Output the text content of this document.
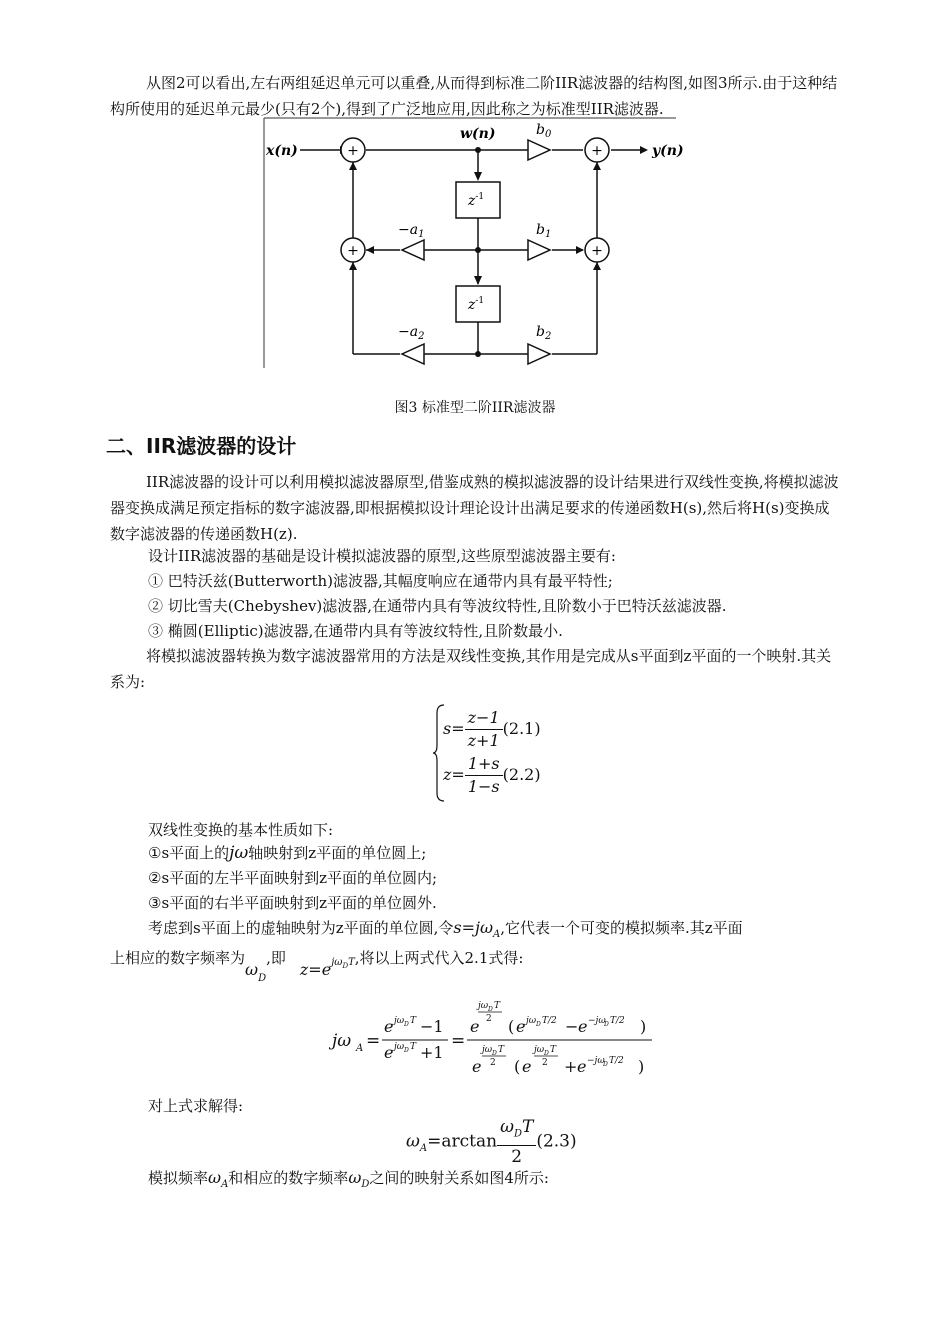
从图2可以看出,左右两组延迟单元可以重叠,从而得到标准二阶IIR滤波器的结构图,如图3所示.由于这种结构所使用的延迟单元最少(只有2个),得到了广泛地应用,因此称之为标准型IIR滤波器.
x(n)	y(n)
w(n)
+	+
+	+
$b_0$
$b_1$
$b_2$
$-a_1$
$-a_2$
$z^{-1}$
$z^{-1}$
图3 标准型二阶IIR滤波器
二、IIR滤波器的设计
IIR滤波器的设计可以利用模拟滤波器原型,借鉴成熟的模拟滤波器的设计结果进行双线性变换,将模拟滤波器变换成满足预定指标的数字滤波器,即根据模拟设计理论设计出满足要求的传递函数H(s),然后将H(s)变换成数字滤波器的传递函数H(z).
设计IIR滤波器的基础是设计模拟滤波器的原型,这些原型滤波器主要有:
① 巴特沃兹(Butterworth)滤波器,其幅度响应在通带内具有最平特性;
② 切比雪夫(Chebyshev)滤波器,在通带内具有等波纹特性,且阶数小于巴特沃兹滤波器.
③ 椭圆(Elliptic)滤波器,在通带内具有等波纹特性,且阶数最小.
将模拟滤波器转换为数字滤波器常用的方法是双线性变换,其作用是完成从s平面到z平面的一个映射.其关系为:
$s= \frac{z-1}{z+1} (2.1)$
$z= \frac{1+s}{1-s} (2.2)$
双线性变换的基本性质如下:
①s平面上的jω轴映射到z平面的单位圆上;
②s平面的左半平面映射到z平面的单位圆内;
③s平面的右半平面映射到z平面的单位圆外.
考虑到s平面上的虚轴映射为z平面的单位圆,令$s=j\omega_A$,它代表一个可变的模拟频率.其z平面
上相应的数字频率为$\omega_D$,即$z=e^{j\omega_DT}$,将以上两式代入2.1式得:
jω A =
e jω D T −1
e jω D T +1
=
e
jω D T
2 ( e jω D T/2 − e −jω
D T/2 )
e
jω D T
2 ( e
jω D T
2 + e −jω
D T/2 )
对上式求解得:
$\omega_A=\arctan \frac{\omega_DT}{2} (2.3)$
模拟频率$\omega_A$和相应的数字频率$\omega_D$之间的映射关系如图4所示:
